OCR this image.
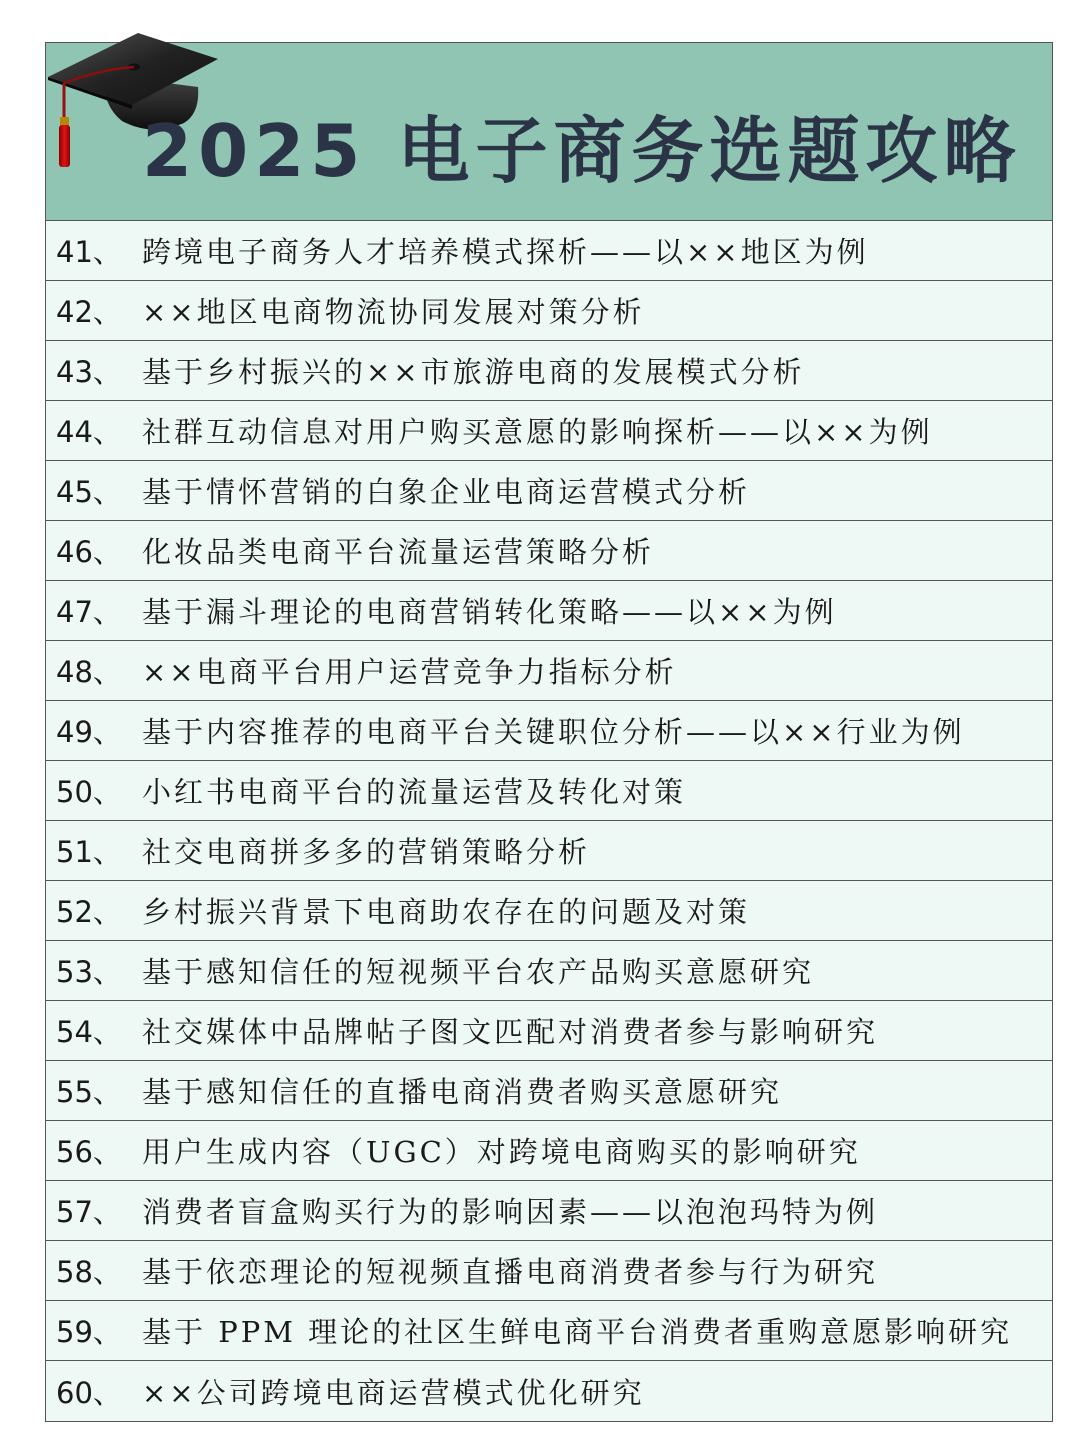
2025 电子商务选题攻略
41、 跨境电子商务人才培养模式探析——以××地区为例
42、 ××地区电商物流协同发展对策分析
43、 基于乡村振兴的××市旅游电商的发展模式分析
44、 社群互动信息对用户购买意愿的影响探析——以××为例
45、 基于情怀营销的白象企业电商运营模式分析
46、 化妆品类电商平台流量运营策略分析
47、 基于漏斗理论的电商营销转化策略——以××为例
48、 ××电商平台用户运营竞争力指标分析
49、 基于内容推荐的电商平台关键职位分析——以××行业为例
50、 小红书电商平台的流量运营及转化对策
51、 社交电商拼多多的营销策略分析
52、 乡村振兴背景下电商助农存在的问题及对策
53、 基于感知信任的短视频平台农产品购买意愿研究
54、 社交媒体中品牌帖子图文匹配对消费者参与影响研究
55、 基于感知信任的直播电商消费者购买意愿研究
56、 用户生成内容（UGC）对跨境电商购买的影响研究
57、 消费者盲盒购买行为的影响因素——以泡泡玛特为例
58、 基于依恋理论的短视频直播电商消费者参与行为研究
59、 基于 PPM 理论的社区生鲜电商平台消费者重购意愿影响研究
60、 ××公司跨境电商运营模式优化研究
